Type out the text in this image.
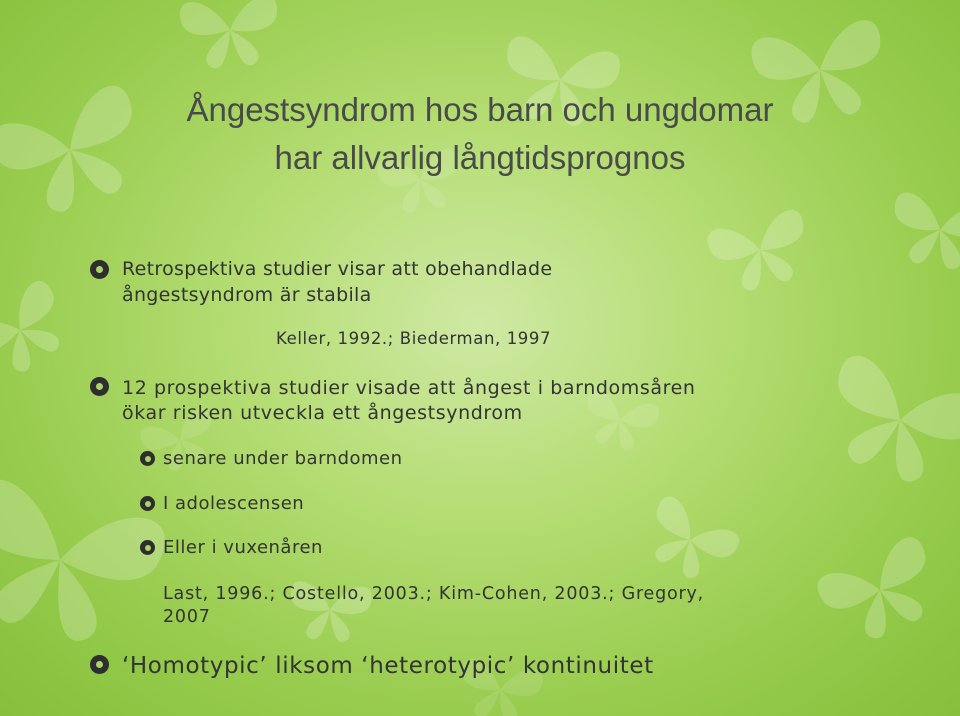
Ångestsyndrom hos barn och ungdomar
har allvarlig långtidsprognos
Retrospektiva studier visar att obehandlade
ångestsyndrom är stabila
Keller, 1992.; Biederman, 1997
12 prospektiva studier visade att ångest i barndomsåren
ökar risken utveckla ett ångestsyndrom
senare under barndomen
I adolescensen
Eller i vuxenåren
Last, 1996.; Costello, 2003.; Kim-Cohen, 2003.; Gregory,
2007
‘Homotypic’ liksom ‘heterotypic’ kontinuitet
